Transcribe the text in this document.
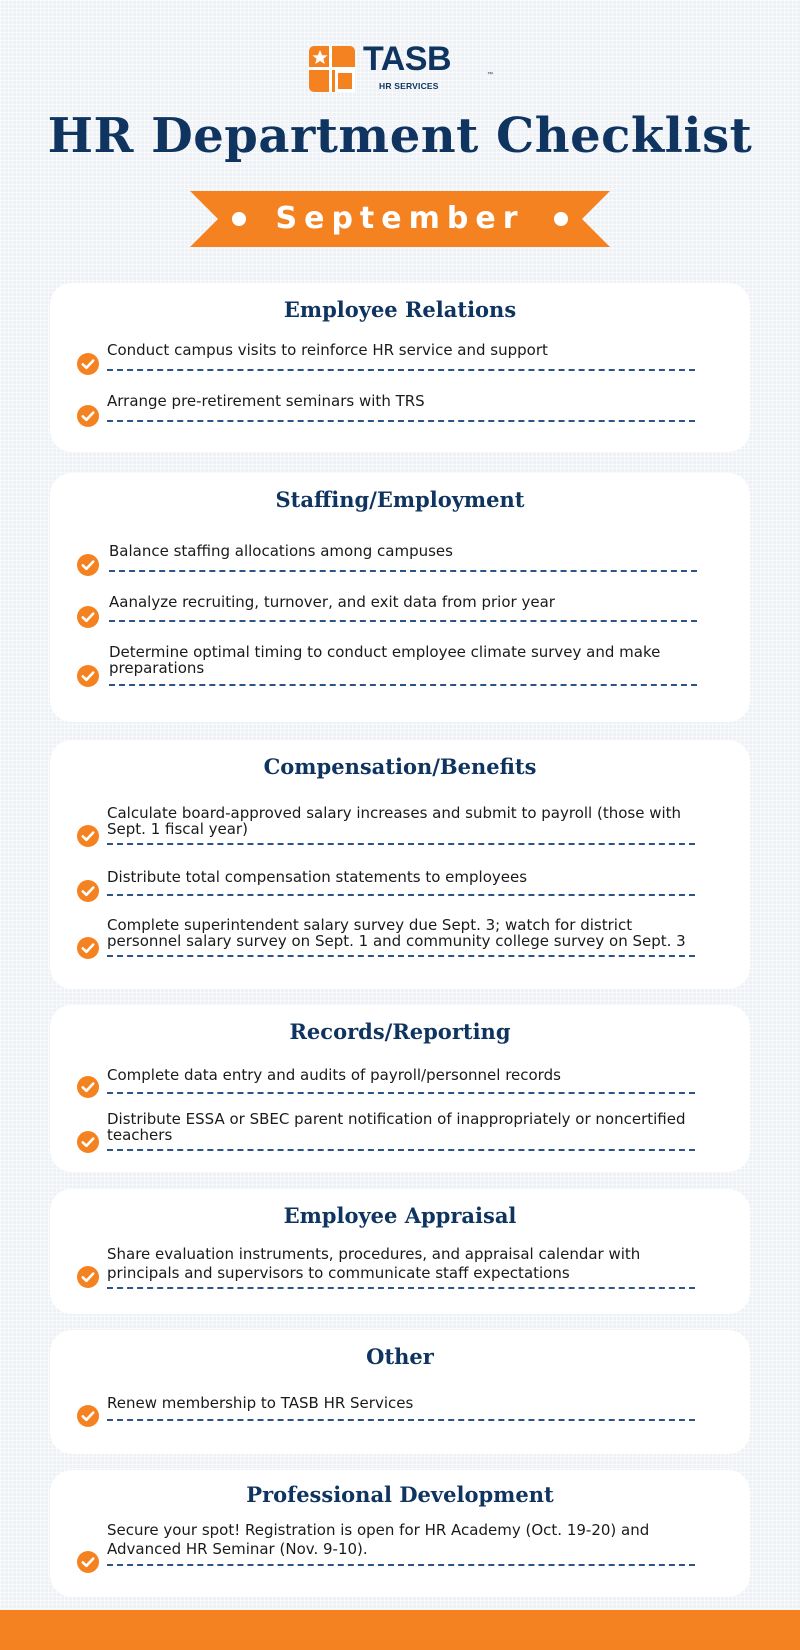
TASB	™
HR SERVICES
HR Department Checklist
September
Employee Relations
Conduct campus visits to reinforce HR service and support
Arrange pre-retirement seminars with TRS
Staffing/Employment
Balance staffing allocations among campuses
Aanalyze recruiting, turnover, and exit data from prior year
Determine optimal timing to conduct employee climate survey and make preparations
Compensation/Benefits
Calculate board-approved salary increases and submit to payroll (those with Sept. 1 fiscal year)
Distribute total compensation statements to employees
Complete superintendent salary survey due Sept. 3; watch for district personnel salary survey on Sept. 1 and community college survey on Sept. 3
Records/Reporting
Complete data entry and audits of payroll/personnel records
Distribute ESSA or SBEC parent notification of inappropriately or noncertified teachers
Employee Appraisal
Share evaluation instruments, procedures, and appraisal calendar with principals and supervisors to communicate staff expectations
Other
Renew membership to TASB HR Services
Professional Development
Secure your spot! Registration is open for HR Academy (Oct. 19-20) and Advanced HR Seminar (Nov. 9-10).
